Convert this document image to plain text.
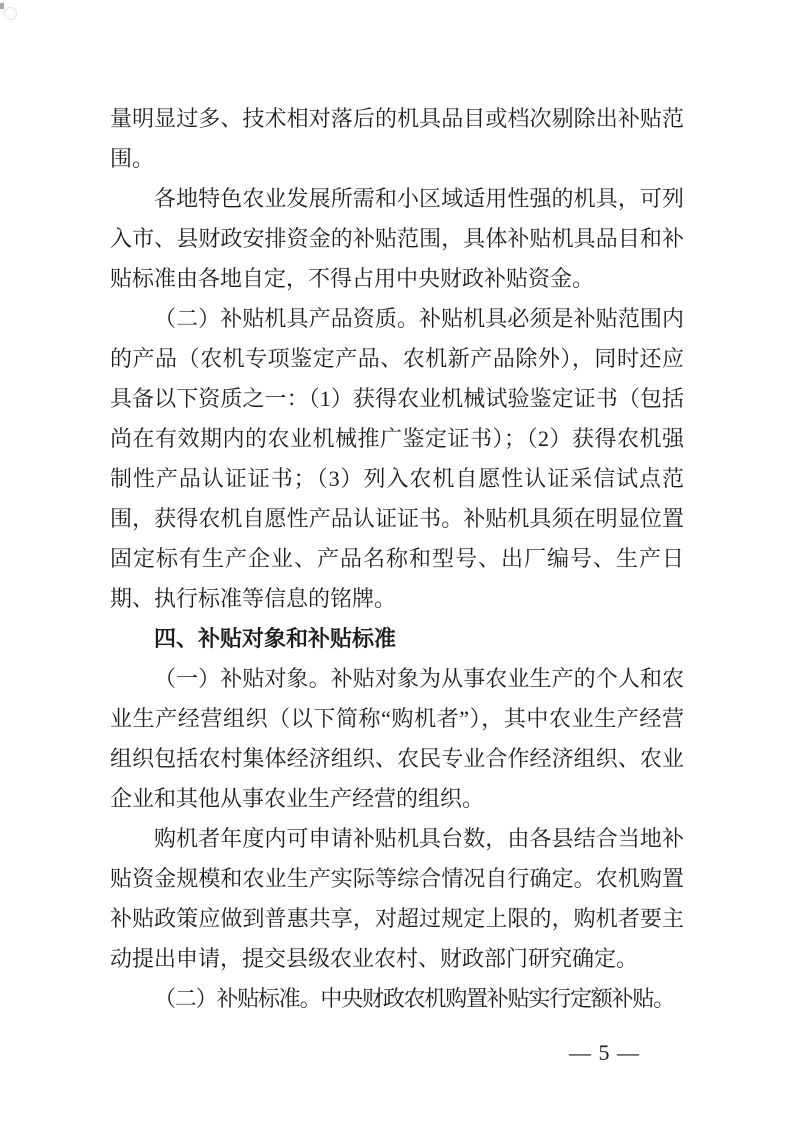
量明显过多、技术相对落后的机具品目或档次剔除出补贴范围。

各地特色农业发展所需和小区域适用性强的机具，可列入市、县财政安排资金的补贴范围，具体补贴机具品目和补贴标准由各地自定，不得占用中央财政补贴资金。

（二）补贴机具产品资质。补贴机具必须是补贴范围内的产品（农机专项鉴定产品、农机新产品除外），同时还应具备以下资质之一：（1）获得农业机械试验鉴定证书（包括尚在有效期内的农业机械推广鉴定证书）；（2）获得农机强制性产品认证证书；（3）列入农机自愿性认证采信试点范围，获得农机自愿性产品认证证书。补贴机具须在明显位置固定标有生产企业、产品名称和型号、出厂编号、生产日期、执行标准等信息的铭牌。

四、补贴对象和补贴标准

（一）补贴对象。补贴对象为从事农业生产的个人和农业生产经营组织（以下简称“购机者”），其中农业生产经营组织包括农村集体经济组织、农民专业合作经济组织、农业企业和其他从事农业生产经营的组织。

购机者年度内可申请补贴机具台数，由各县结合当地补贴资金规模和农业生产实际等综合情况自行确定。农机购置补贴政策应做到普惠共享，对超过规定上限的，购机者要主动提出申请，提交县级农业农村、财政部门研究确定。

（二）补贴标准。中央财政农机购置补贴实行定额补贴。

— 5 —
